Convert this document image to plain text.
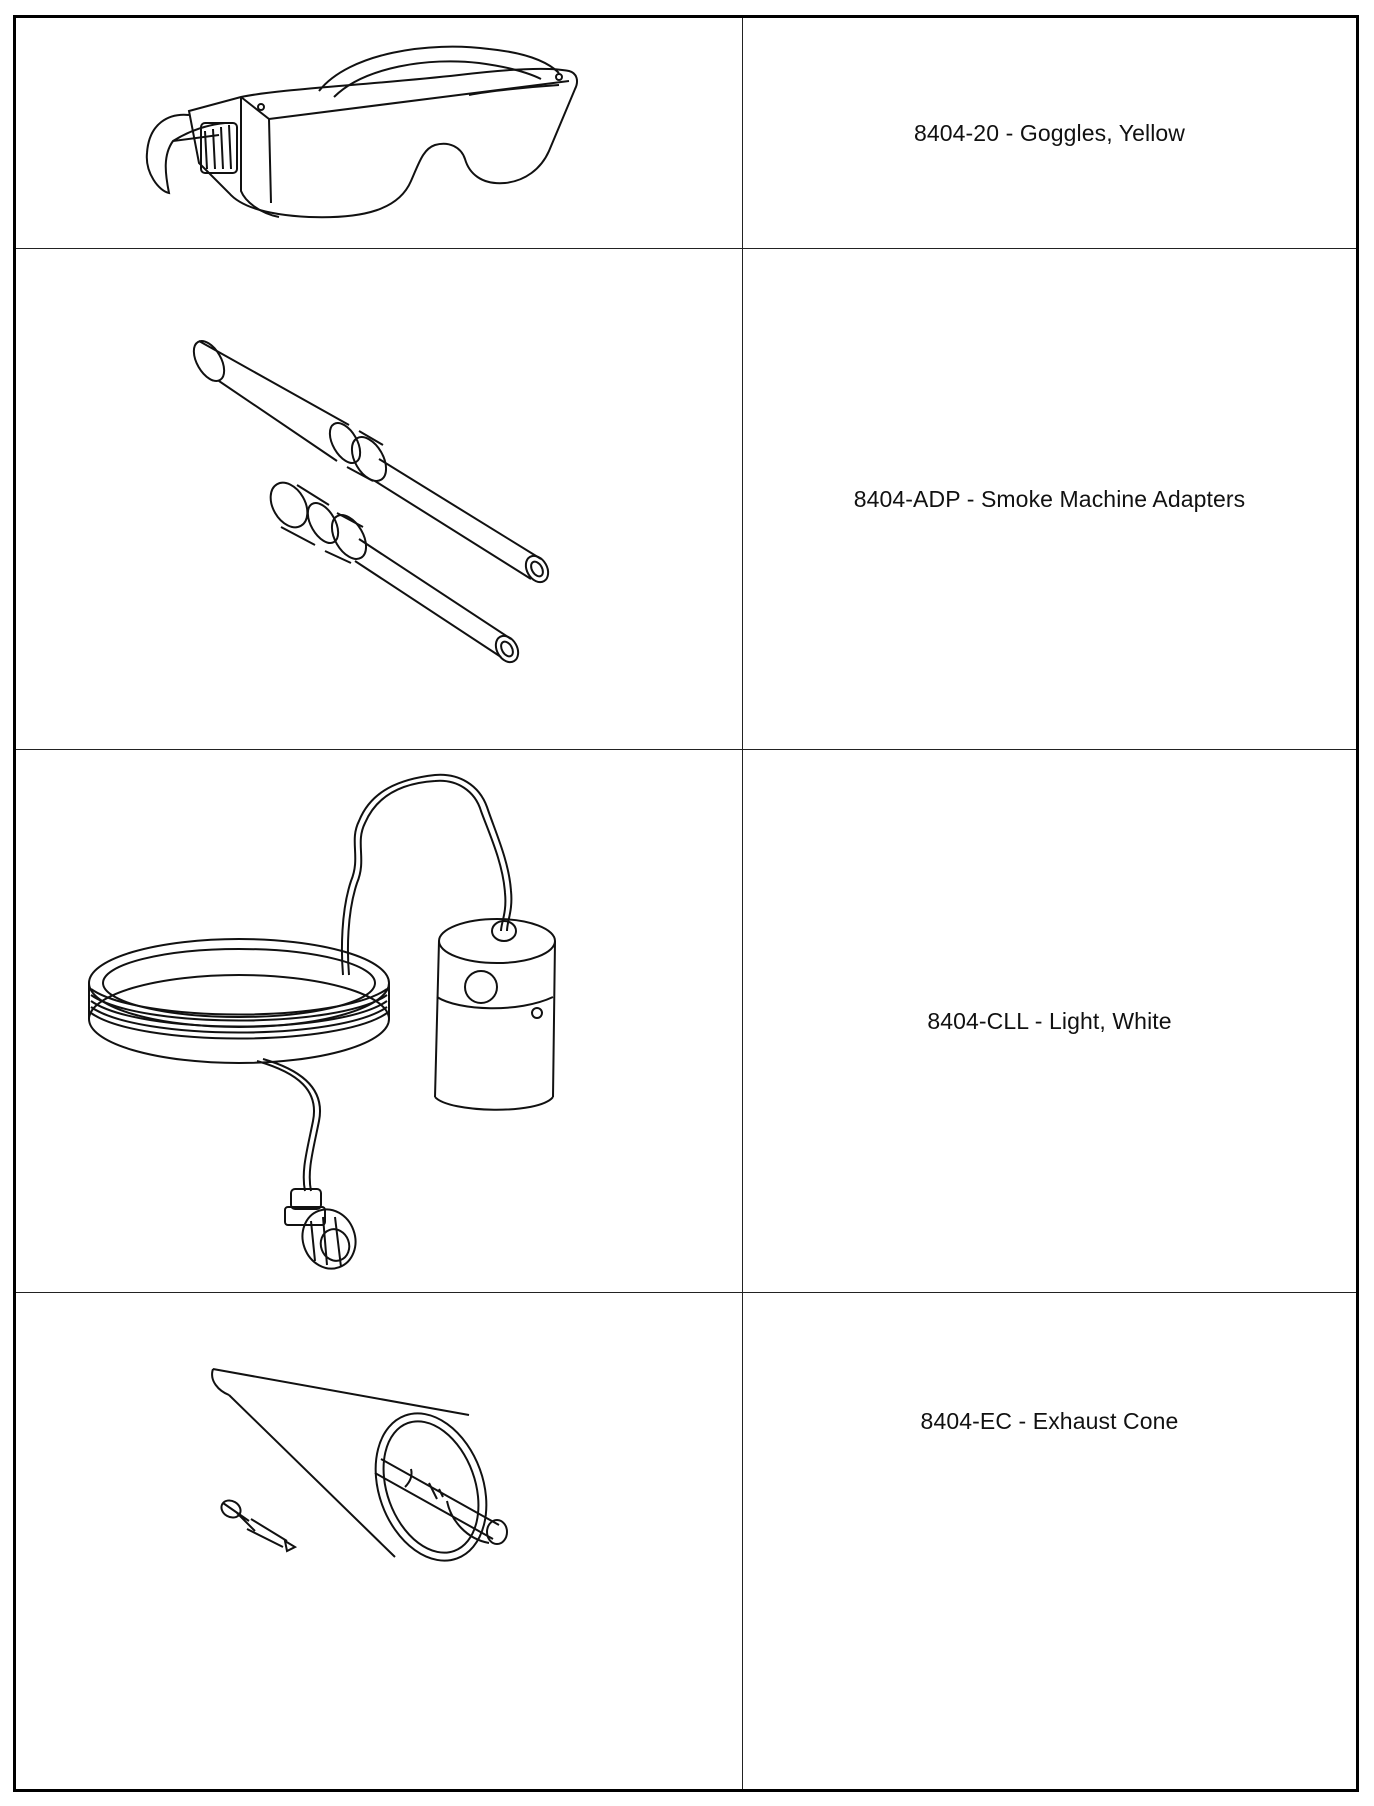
8404-20 - Goggles, Yellow
8404-ADP - Smoke Machine Adapters
8404-CLL - Light, White
8404-EC - Exhaust Cone
